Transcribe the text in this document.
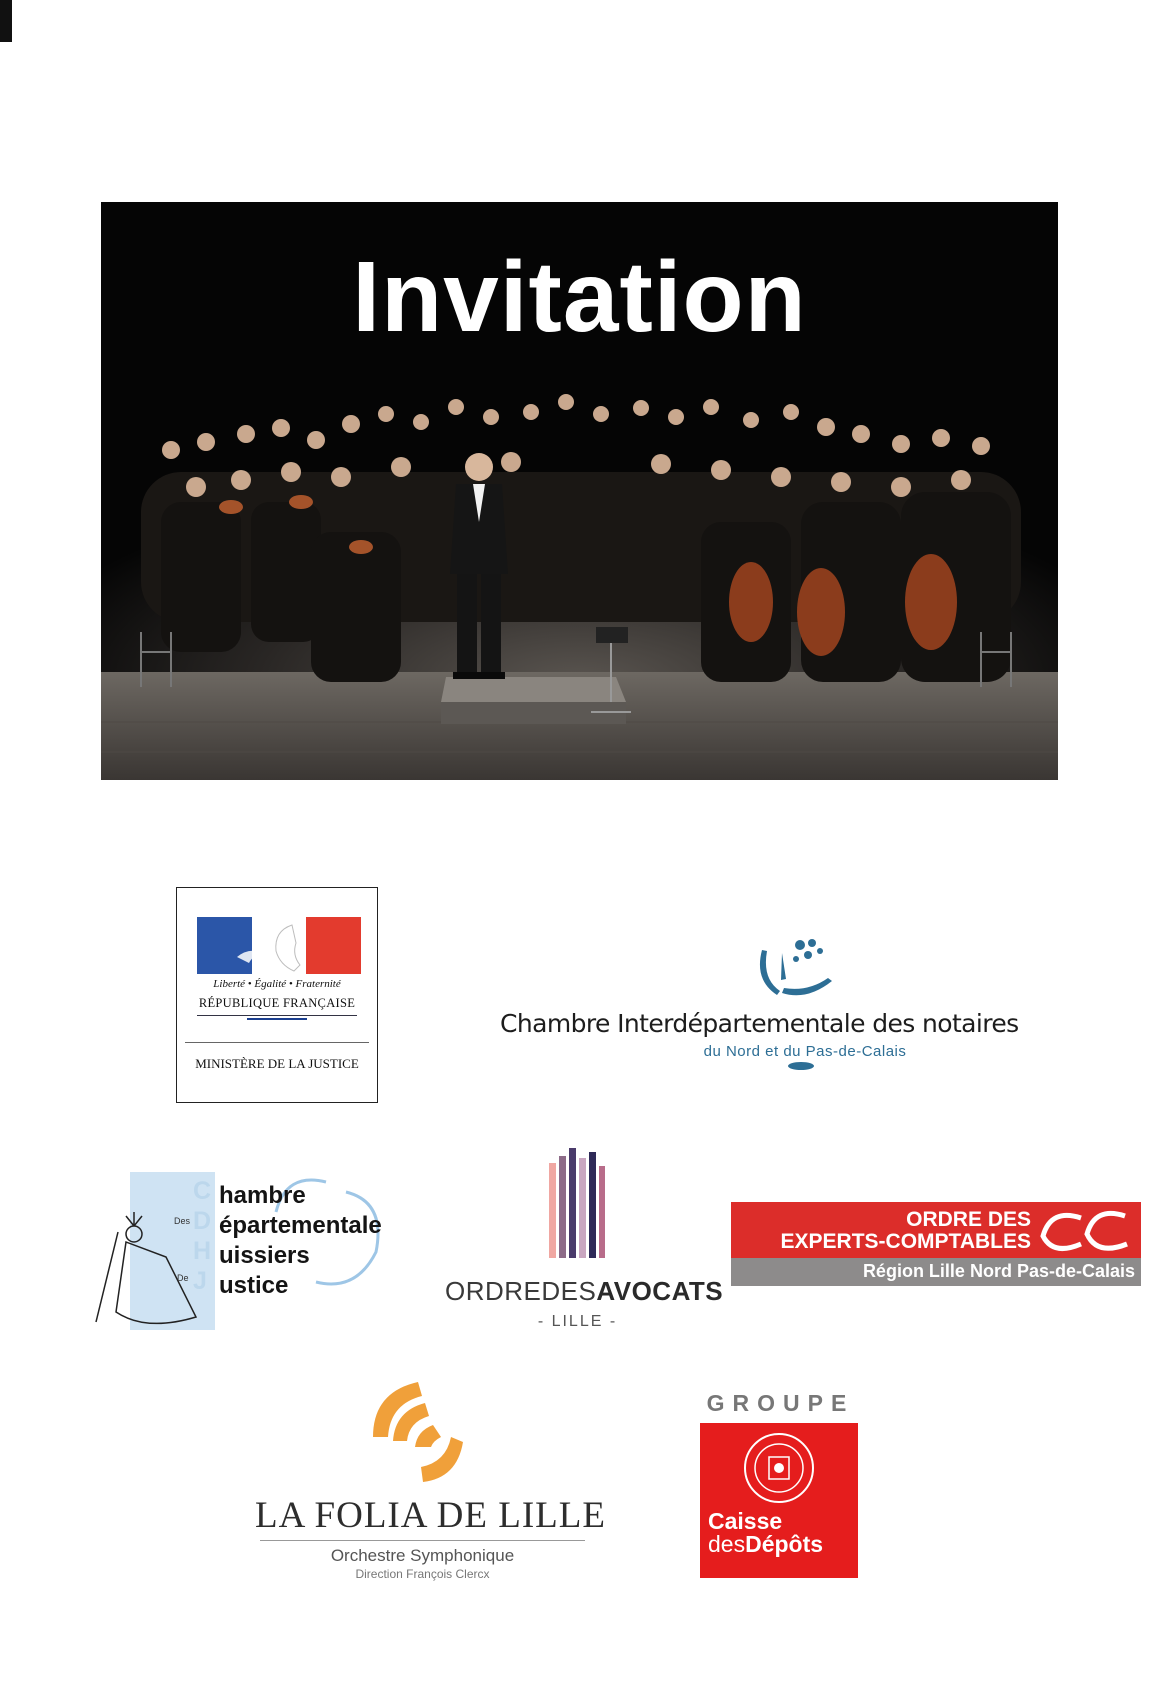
Invitation
Liberté • Égalité • Fraternité
RÉPUBLIQUE FRANÇAISE
MINISTÈRE DE LA JUSTICE
Chambre Interdépartementale des notaires
du Nord et du Pas-de-Calais
C
D
H
J
Des
De
hambre
épartementale
uissiers
ustice	ORDREDESAVOCATS
- LILLE -
ORDRE DES
EXPERTS-COMPTABLES
Région Lille Nord Pas-de-Calais
LA FOLIA DE LILLE
Orchestre Symphonique
Direction François Clercx
GROUPE
Caisse
desDépôts
